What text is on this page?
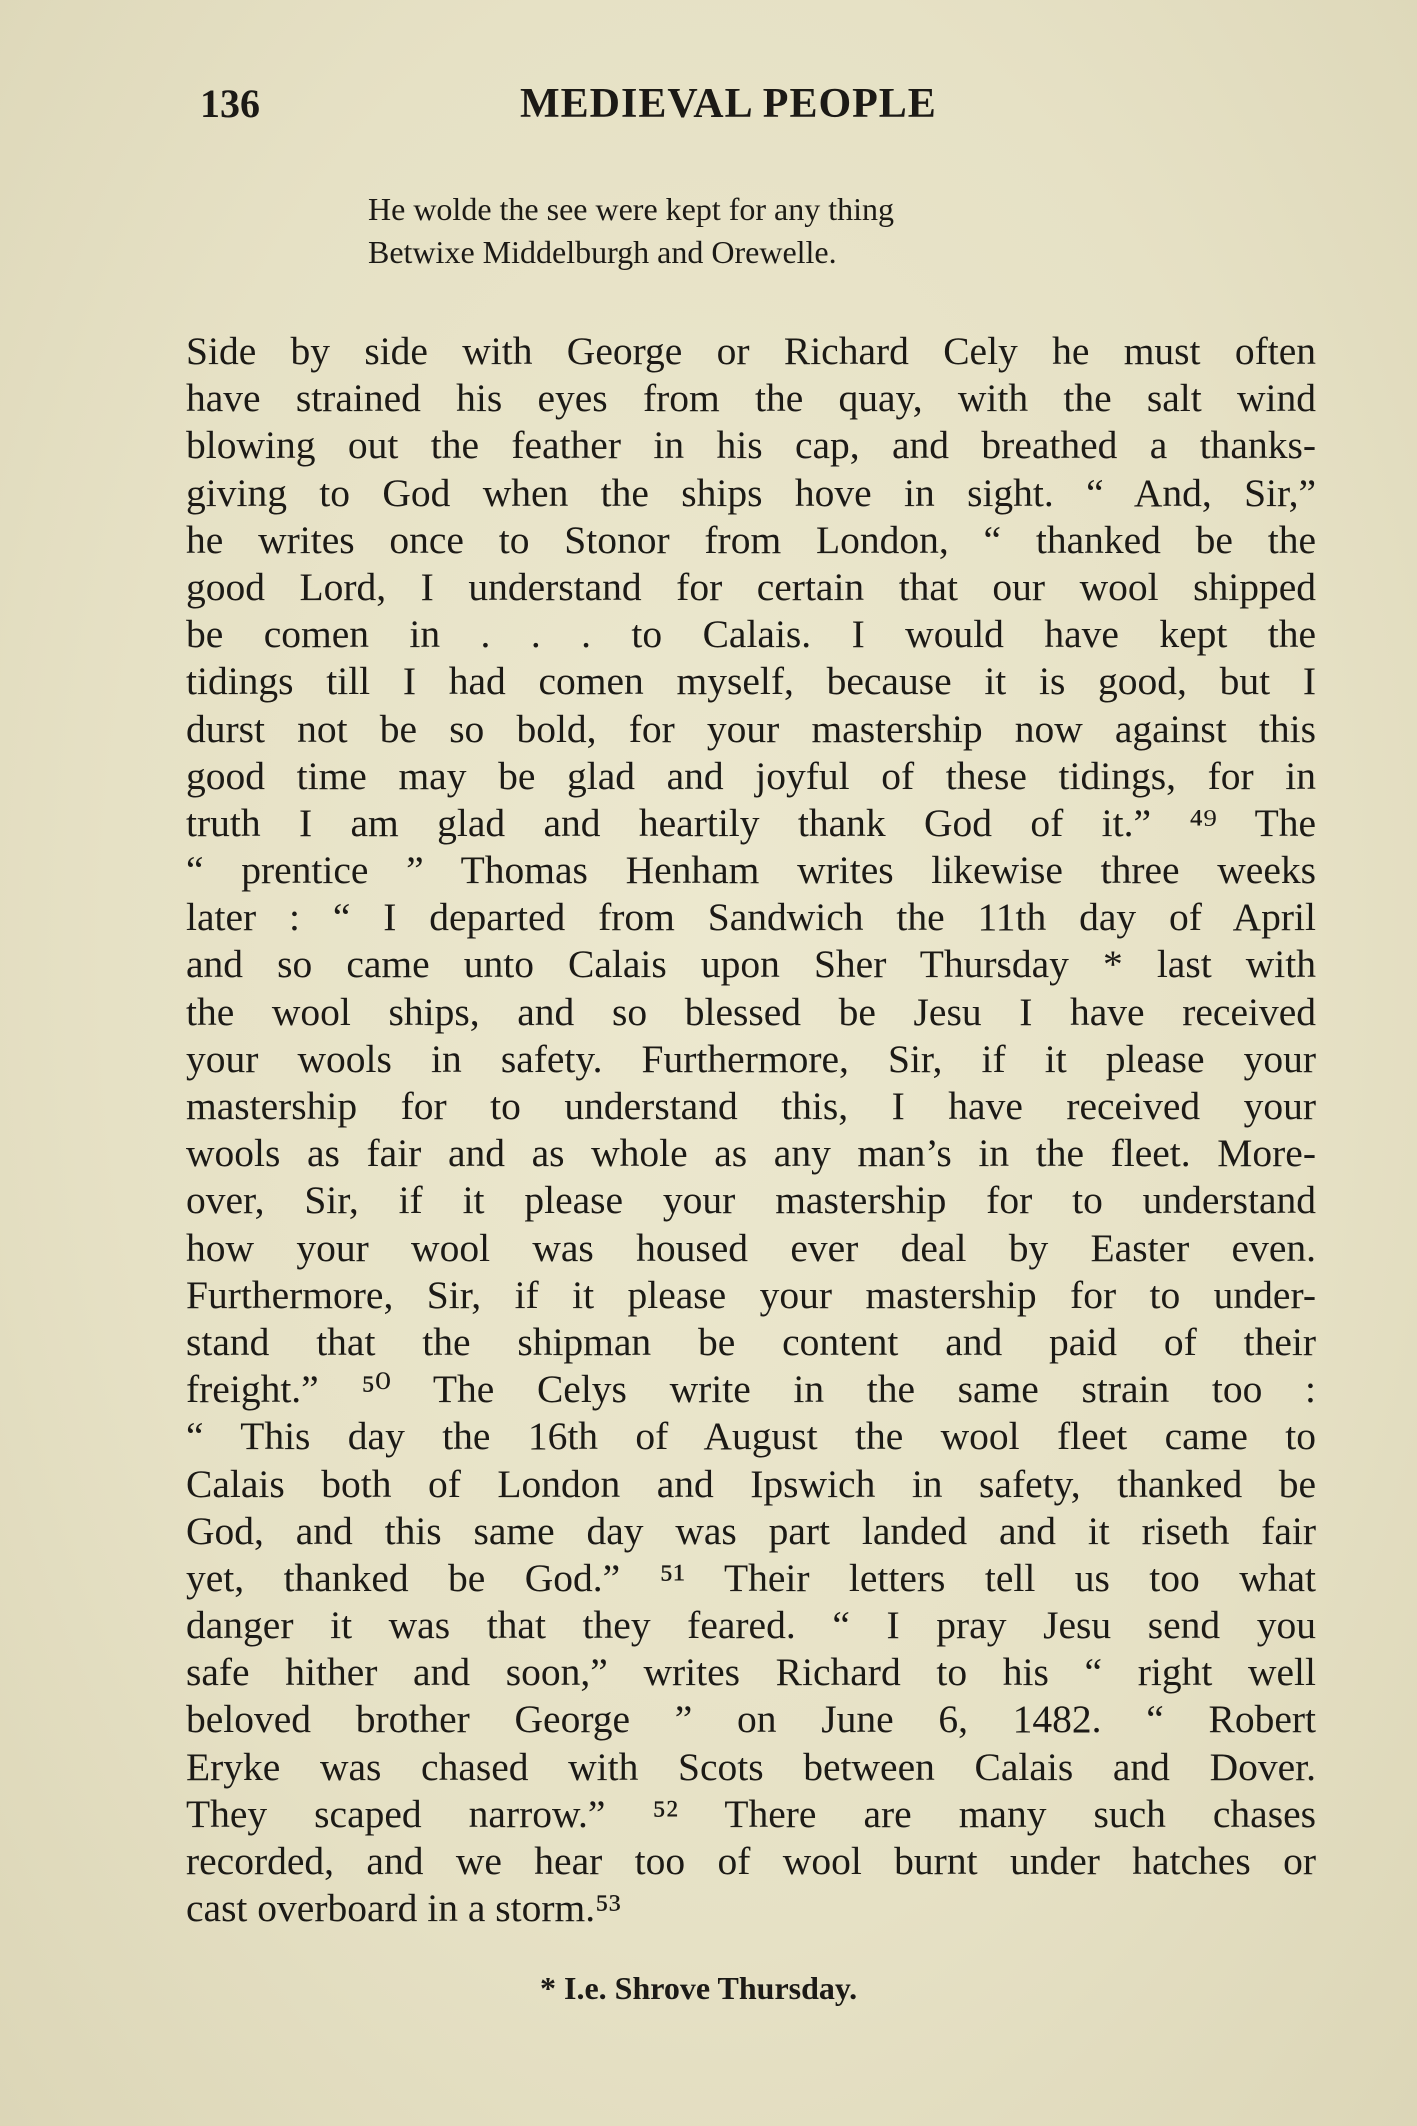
136	MEDIEVAL PEOPLE
He wolde the see were kept for any thing
Betwixe Middelburgh and Orewelle.
Side by side with George or Richard Cely he must often
have strained his eyes from the quay, with the salt wind
blowing out the feather in his cap, and breathed a thanks-
giving to God when the ships hove in sight. “ And, Sir,”
he writes once to Stonor from London, “ thanked be the
good Lord, I understand for certain that our wool shipped
be comen in . . . to Calais. I would have kept the
tidings till I had comen myself, because it is good, but I
durst not be so bold, for your mastership now against this
good time may be glad and joyful of these tidings, for in
truth I am glad and heartily thank God of it.” ⁴⁹ The
“ prentice ” Thomas Henham writes likewise three weeks
later : “ I departed from Sandwich the 11th day of April
and so came unto Calais upon Sher Thursday * last with
the wool ships, and so blessed be Jesu I have received
your wools in safety. Furthermore, Sir, if it please your
mastership for to understand this, I have received your
wools as fair and as whole as any man’s in the fleet. More-
over, Sir, if it please your mastership for to understand
how your wool was housed ever deal by Easter even.
Furthermore, Sir, if it please your mastership for to under-
stand that the shipman be content and paid of their
freight.” ⁵⁰ The Celys write in the same strain too :
“ This day the 16th of August the wool fleet came to
Calais both of London and Ipswich in safety, thanked be
God, and this same day was part landed and it riseth fair
yet, thanked be God.” ⁵¹ Their letters tell us too what
danger it was that they feared. “ I pray Jesu send you
safe hither and soon,” writes Richard to his “ right well
beloved brother George ” on June 6, 1482. “ Robert
Eryke was chased with Scots between Calais and Dover.
They scaped narrow.” ⁵² There are many such chases
recorded, and we hear too of wool burnt under hatches or
cast overboard in a storm.⁵³
* I.e. Shrove Thursday.
